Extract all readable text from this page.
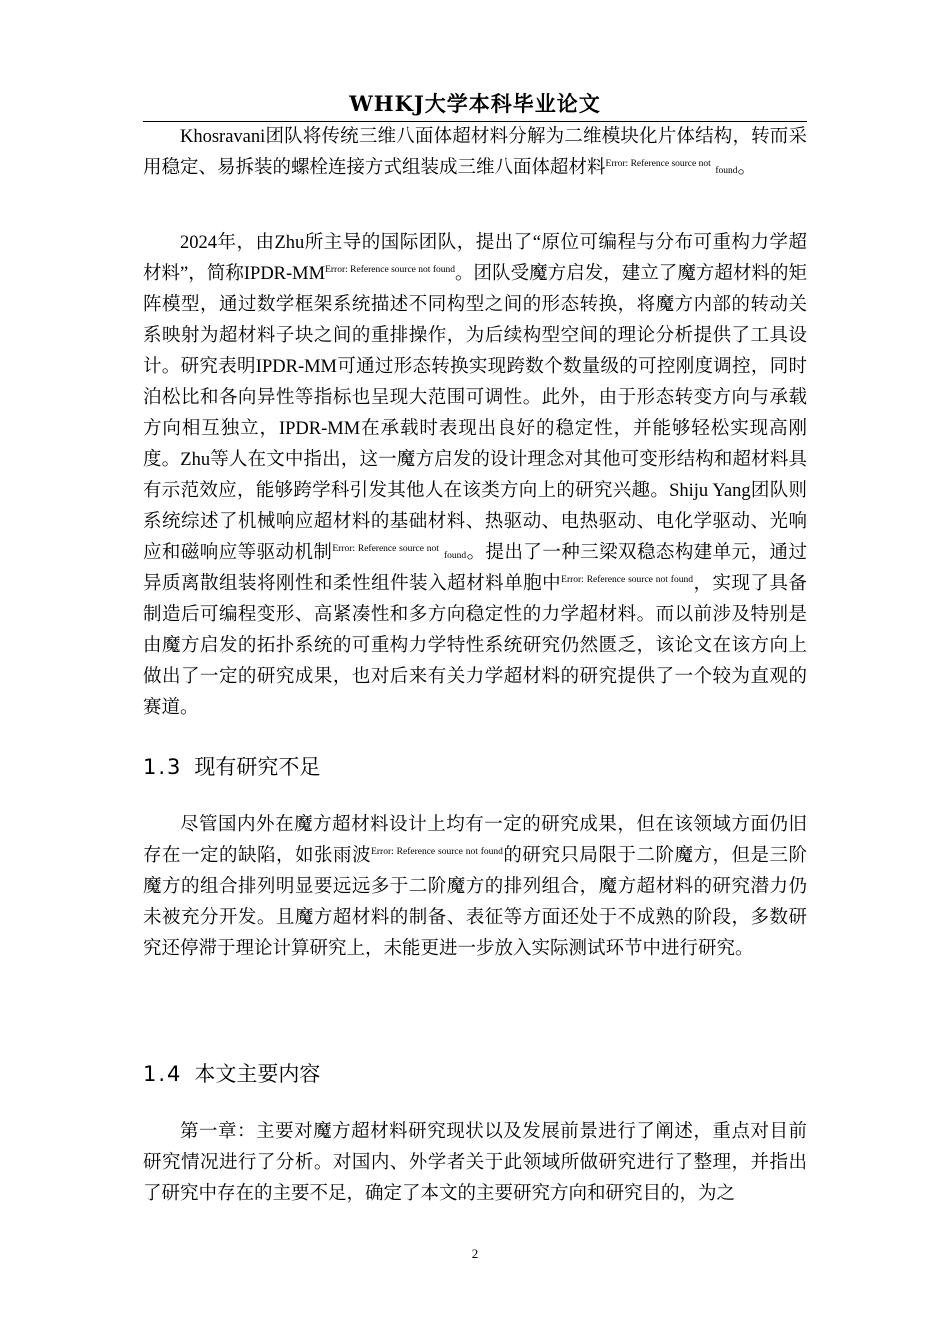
WHKJ大学本科毕业论文

Khosravani团队将传统三维八面体超材料分解为二维模块化片体结构，转而采用稳定、易拆装的螺栓连接方式组装成三维八面体超材料$^{Error: Reference source not}$ found。

2024年，由Zhu所主导的国际团队，提出了“原位可编程与分布可重构力学超材料”，简称IPDR-$MM^{Error: Reference source not found}$。团队受魔方启发，建立了魔方超材料的矩阵模型，通过数学框架系统描述不同构型之间的形态转换，将魔方内部的转动关系映射为超材料子块之间的重排操作，为后续构型空间的理论分析提供了工具设计。研究表明IPDR-MM可通过形态转换实现跨数个数量级的可控刚度调控，同时泊松比和各向异性等指标也呈现大范围可调性。此外，由于形态转变方向与承载方向相互独立，IPDR-MM在承载时表现出良好的稳定性，并能够轻松实现高刚度。Zhu等人在文中指出，这一魔方启发的设计理念对其他可变形结构和超材料具有示范效应，能够跨学科引发其他人在该类方向上的研究兴趣。Shiju Yang团队则系统综述了机械响应超材料的基础材料、热驱动、电热驱动、电化学驱动、光响应和磁响应等驱动机制$^{Error: Reference source not}$ found。提出了一种三梁双稳态构建单元，通过异质离散组装将刚性和柔性组件装入超材料单胞中$^{Error: Reference source not found}$，实现了具备制造后可编程变形、高紧凑性和多方向稳定性的力学超材料。而以前涉及特别是由魔方启发的拓扑系统的可重构力学特性系统研究仍然匮乏，该论文在该方向上做出了一定的研究成果，也对后来有关力学超材料的研究提供了一个较为直观的赛道。

1.3 现有研究不足

尽管国内外在魔方超材料设计上均有一定的研究成果，但在该领域方面仍旧存在一定的缺陷，如张雨波$^{Error: Reference source not found}$的研究只局限于二阶魔方，但是三阶魔方的组合排列明显要远远多于二阶魔方的排列组合，魔方超材料的研究潜力仍未被充分开发。且魔方超材料的制备、表征等方面还处于不成熟的阶段，多数研究还停滞于理论计算研究上，未能更进一步放入实际测试环节中进行研究。

1.4 本文主要内容

第一章：主要对魔方超材料研究现状以及发展前景进行了阐述，重点对目前研究情况进行了分析。对国内、外学者关于此领域所做研究进行了整理，并指出了研究中存在的主要不足，确定了本文的主要研究方向和研究目的，为之

2
